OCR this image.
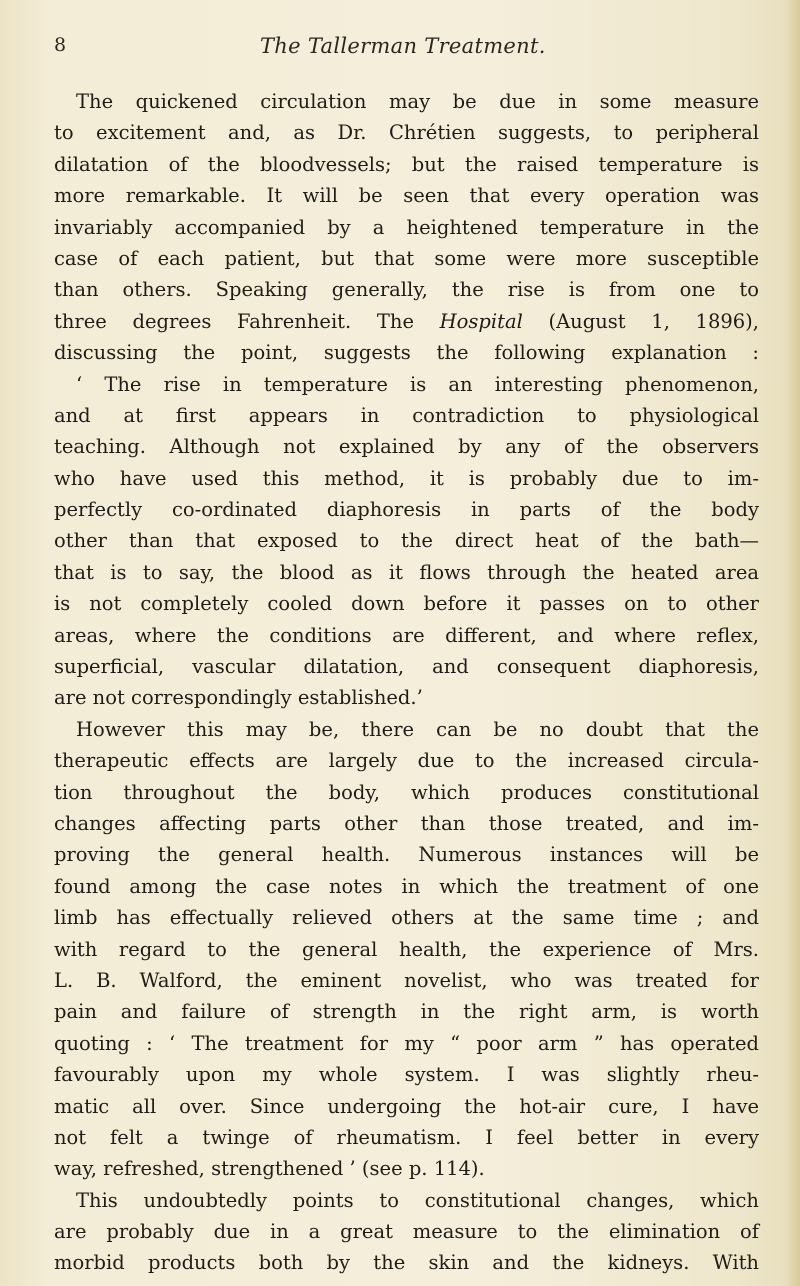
8	The Tallerman Treatment.
The quickened circulation may be due in some measure
to excitement and, as Dr. Chrétien suggests, to peripheral
dilatation of the bloodvessels; but the raised temperature is
more remarkable. It will be seen that every operation was
invariably accompanied by a heightened temperature in the
case of each patient, but that some were more susceptible
than others. Speaking generally, the rise is from one to
three degrees Fahrenheit. The Hospital (August 1, 1896),
discussing the point, suggests the following explanation :
‘ The rise in temperature is an interesting phenomenon,
and at first appears in contradiction to physiological
teaching. Although not explained by any of the observers
who have used this method, it is probably due to im-
perfectly co-ordinated diaphoresis in parts of the body
other than that exposed to the direct heat of the bath—
that is to say, the blood as it flows through the heated area
is not completely cooled down before it passes on to other
areas, where the conditions are different, and where reflex,
superficial, vascular dilatation, and consequent diaphoresis,
are not correspondingly established.’
However this may be, there can be no doubt that the
therapeutic effects are largely due to the increased circula-
tion throughout the body, which produces constitutional
changes affecting parts other than those treated, and im-
proving the general health. Numerous instances will be
found among the case notes in which the treatment of one
limb has effectually relieved others at the same time ; and
with regard to the general health, the experience of Mrs.
L. B. Walford, the eminent novelist, who was treated for
pain and failure of strength in the right arm, is worth
quoting : ‘ The treatment for my “ poor arm ” has operated
favourably upon my whole system. I was slightly rheu-
matic all over. Since undergoing the hot-air cure, I have
not felt a twinge of rheumatism. I feel better in every
way, refreshed, strengthened ’ (see p. 114).
This undoubtedly points to constitutional changes, which
are probably due in a great measure to the elimination of
morbid products both by the skin and the kidneys. With
